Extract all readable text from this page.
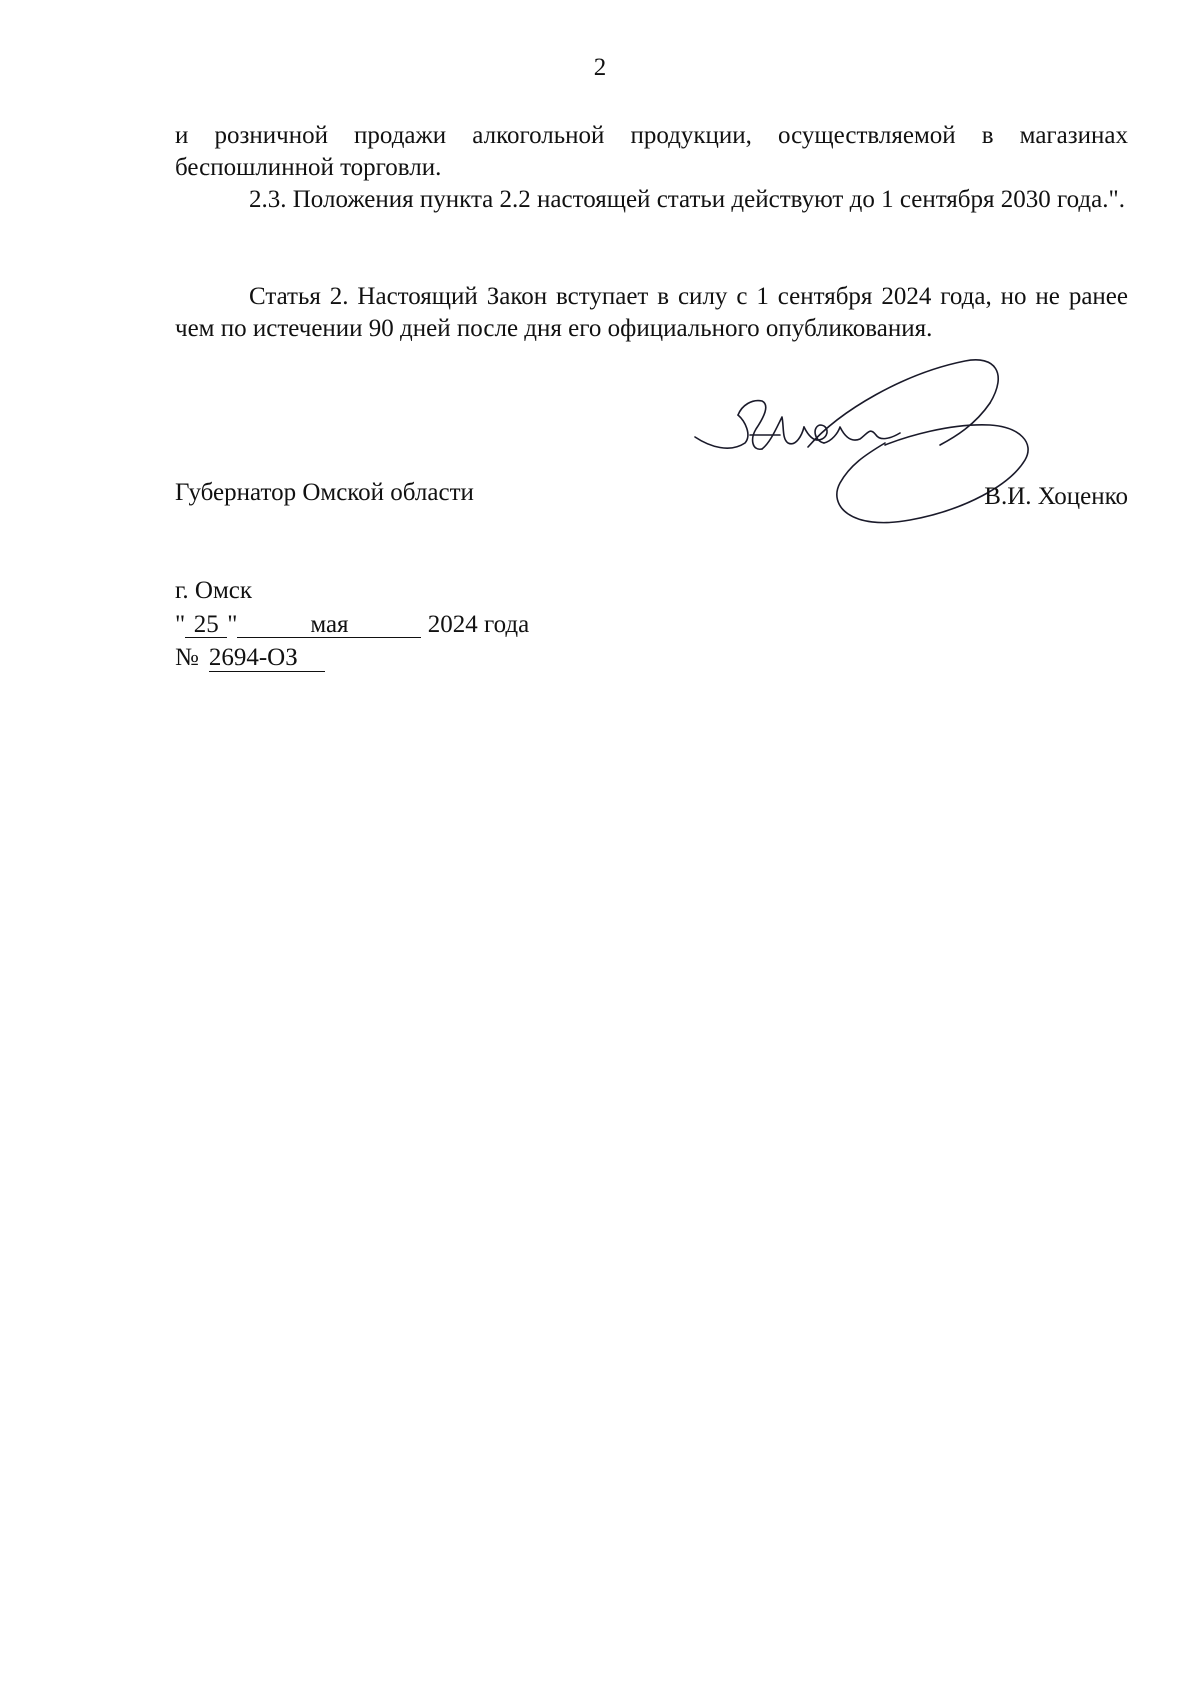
2

и розничной продажи алкогольной продукции, осуществляемой в магазинах беспошлинной торговли.

2.3. Положения пункта 2.2 настоящей статьи действуют до 1 сентября 2030 года.".

Статья 2. Настоящий Закон вступает в силу с 1 сентября 2024 года, но не ранее чем по истечении 90 дней после дня его официального опубликования.

Губернатор Омской области	В.И. Хоценко
г. Омск
" 25 "	мая	2024 года
№ 2694-ОЗ
